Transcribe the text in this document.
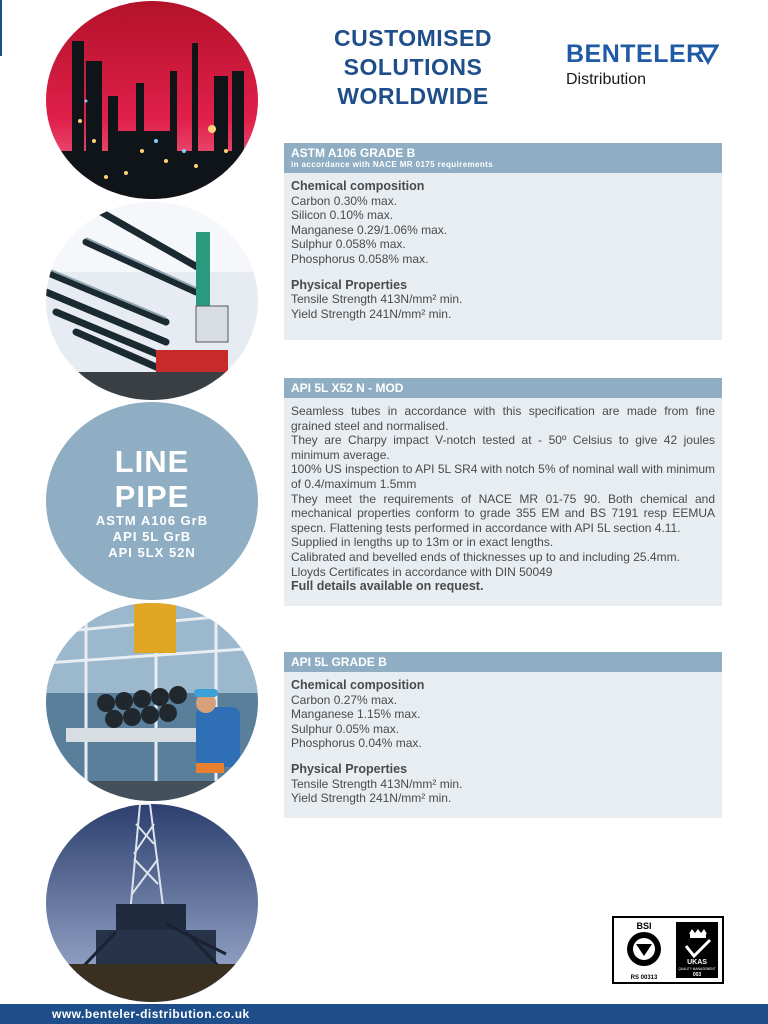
LINE
PIPE
ASTM A106 GrB
API 5L GrB
API 5LX 52N
CUSTOMISED
SOLUTIONS
WORLDWIDE
BENTELER
Distribution
ASTM A106 GRADE B
in accordance with NACE MR 0175 requirements
Chemical composition
Carbon 0.30% max.
Silicon 0.10% max.
Manganese 0.29/1.06% max.
Sulphur 0.058% max.
Phosphorus 0.058% max.
Physical Properties
Tensile Strength 413N/mm² min.
Yield Strength 241N/mm² min.
API 5L X52 N - MOD
Seamless tubes in accordance with this specification are made from fine grained steel and normalised.
They are Charpy impact V-notch tested at - 50º Celsius to give 42 joules minimum average.
100% US inspection to API 5L SR4 with notch 5% of nominal wall with minimum of 0.4/maximum 1.5mm
They meet the requirements of NACE MR 01-75 90. Both chemical and mechanical properties conform to grade 355 EM and BS 7191 resp EEMUA specn. Flattening tests performed in accordance with API 5L section 4.11.
Supplied in lengths up to 13m or in exact lengths.
Calibrated and bevelled ends of thicknesses up to and including 25.4mm.
Lloyds Certificates in accordance with DIN 50049
Full details available on request.
API 5L GRADE B
Chemical composition
Carbon 0.27% max.
Manganese 1.15% max.
Sulphur 0.05% max.
Phosphorus 0.04% max.
Physical Properties
Tensile Strength 413N/mm² min.
Yield Strength 241N/mm² min.
BSI
RS 00313
UKAS
QUALITY MANAGEMENT
003
www.benteler-distribution.co.uk
